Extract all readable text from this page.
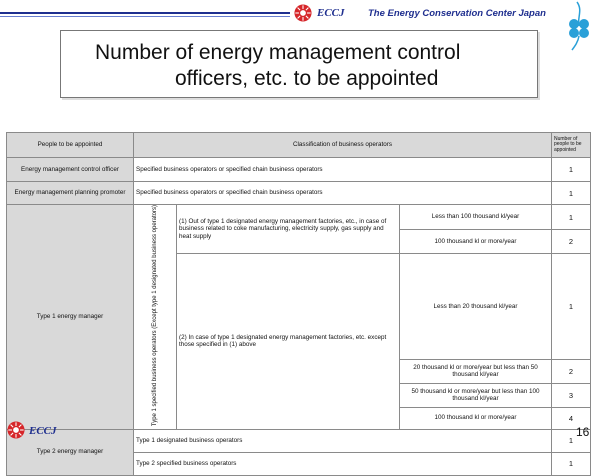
ECCJ The Energy Conservation Center Japan
Number of energy management control
officers, etc. to be appointed
People to be appointed	Classification of business operators			Number of people to be appointed
Energy management control officer	Specified business operators or specified chain business operators			1
Energy management planning promoter	Specified business operators or specified chain business operators			1
Type 1 energy manager	Type 1 specified business operators (Except type 1 designated business operators)	(1) Out of type 1 designated energy management factories, etc., in case of business related to coke manufacturing, electricity supply, gas supply and heat supply	Less than 100 thousand kl/year	1
			100 thousand kl or more/year	2
		(2) In case of type 1 designated energy management factories, etc. except those specified in (1) above	Less than 20 thousand kl/year	1
			20 thousand kl or more/year but less than 50 thousand kl/year	2
			50 thousand kl or more/year but less than 100 thousand kl/year	3
			100 thousand kl or more/year	4
Type 2 energy manager	Type 1 designated business operators			1
	Type 2 specified business operators			1
ECCJ	16
